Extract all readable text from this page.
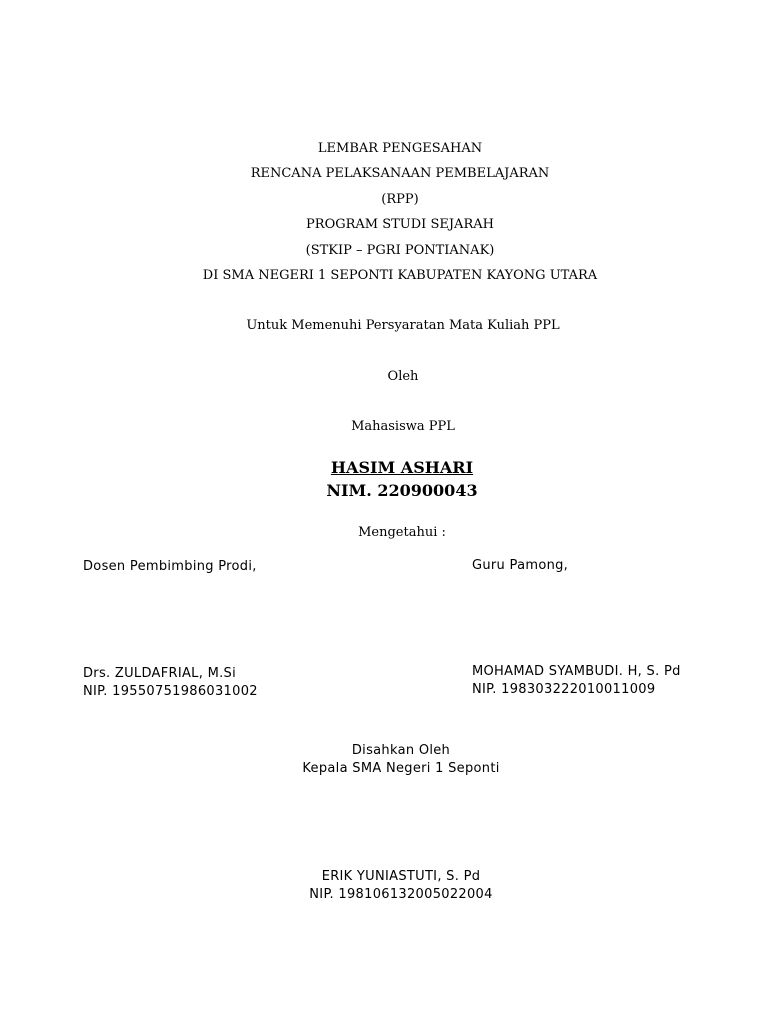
LEMBAR PENGESAHAN
RENCANA PELAKSANAAN PEMBELAJARAN
(RPP)
PROGRAM STUDI SEJARAH
(STKIP – PGRI PONTIANAK)
DI SMA NEGERI 1 SEPONTI KABUPATEN KAYONG UTARA
Untuk Memenuhi Persyaratan Mata Kuliah PPL
Oleh
Mahasiswa PPL
HASIM ASHARI
NIM. 220900043
Mengetahui :
Dosen Pembimbing Prodi,	Guru Pamong,
Drs. ZULDAFRIAL, M.Si
NIP. 19550751986031002
MOHAMAD SYAMBUDI. H, S. Pd
NIP. 198303222010011009
Disahkan Oleh
Kepala SMA Negeri 1 Seponti
ERIK YUNIASTUTI, S. Pd
NIP. 198106132005022004
